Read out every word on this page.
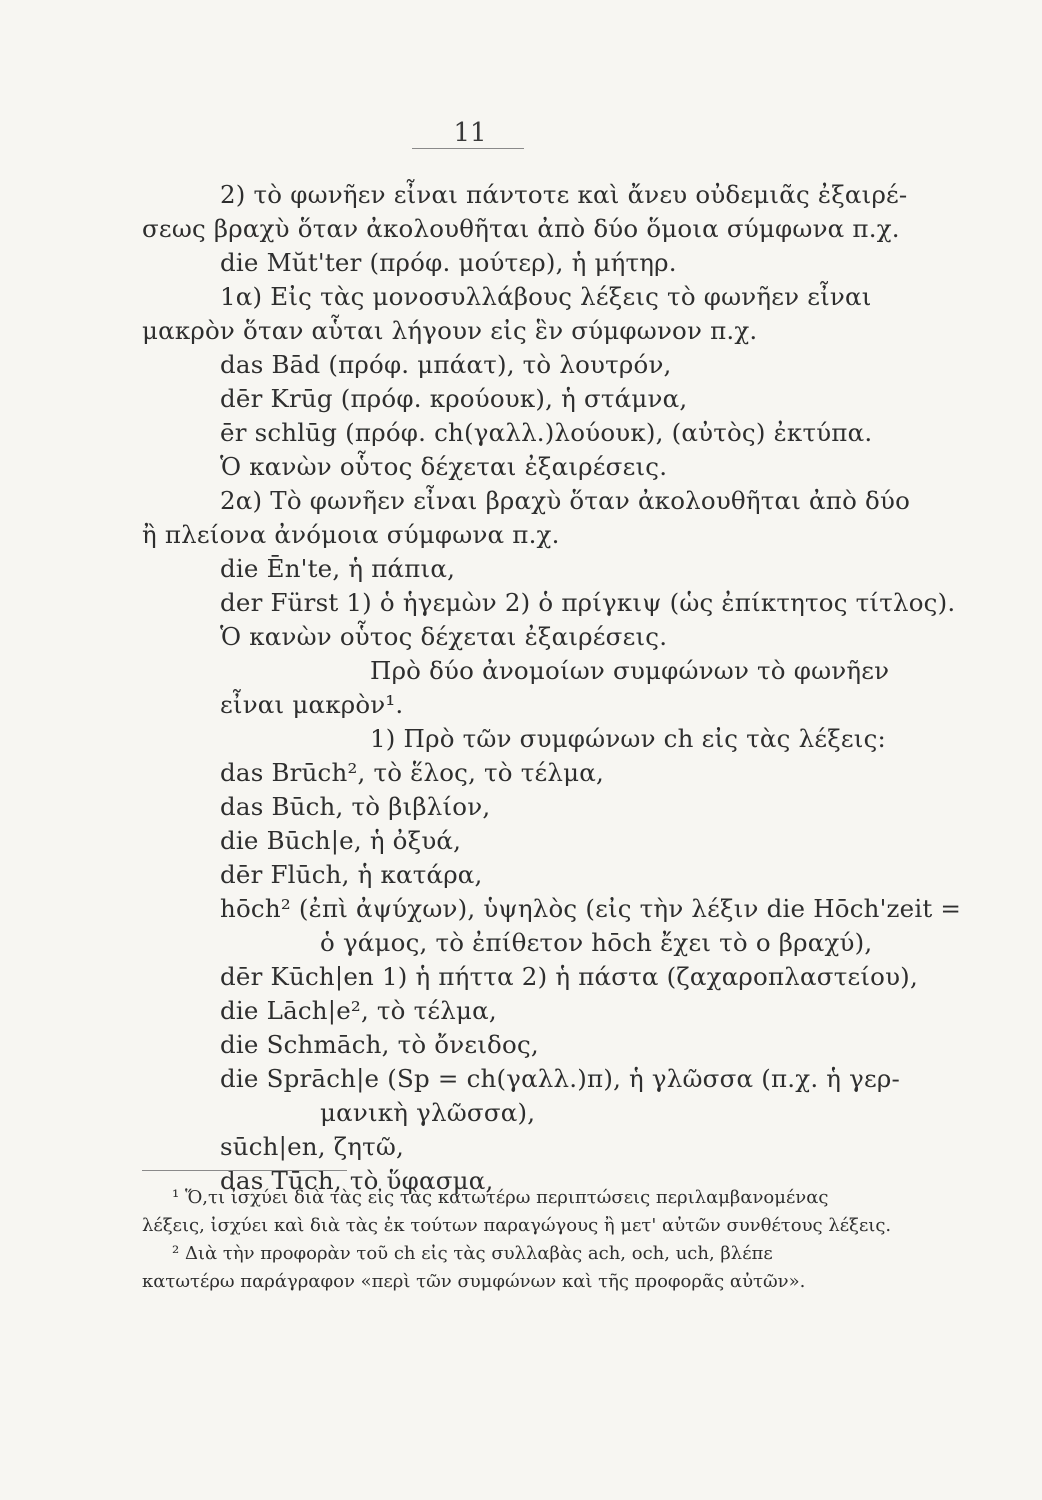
11
2) τὸ φωνῆεν εἶναι πάντοτε καὶ ἄνευ οὐδεμιᾶς ἐξαιρέ-
σεως βραχὺ ὅταν ἀκολουθῆται ἀπὸ δύο ὅμοια σύμφωνα π.χ.
die Mŭt'ter (πρόφ. μούτερ), ἡ μήτηρ.
1α) Εἰς τὰς μονοσυλλάβους λέξεις τὸ φωνῆεν εἶναι
μακρὸν ὅταν αὗται λήγουν εἰς ἓν σύμφωνον π.χ.
das Bād (πρόφ. μπάατ), τὸ λουτρόν,
dēr Krūg (πρόφ. κρούουκ), ἡ στάμνα,
ēr schlūg (πρόφ. ch(γαλλ.)λούουκ), (αὐτὸς) ἐκτύπα.
Ὁ κανὼν οὗτος δέχεται ἐξαιρέσεις.
2α) Τὸ φωνῆεν εἶναι βραχὺ ὅταν ἀκολουθῆται ἀπὸ δύο
ἢ πλείονα ἀνόμοια σύμφωνα π.χ.
die Ēn'te, ἡ πάπια,
der Fürst 1) ὁ ἡγεμὼν 2) ὁ πρίγκιψ (ὡς ἐπίκτητος τίτλος).
Ὁ κανὼν οὗτος δέχεται ἐξαιρέσεις.
Πρὸ δύο ἀνομοίων συμφώνων τὸ φωνῆεν
εἶναι μακρὸν¹.
1) Πρὸ τῶν συμφώνων ch εἰς τὰς λέξεις:
das Brūch², τὸ ἕλος, τὸ τέλμα,
das Būch, τὸ βιβλίον,
die Būch|e, ἡ ὀξυά,
dēr Flūch, ἡ κατάρα,
hōch² (ἐπὶ ἀψύχων), ὑψηλὸς (εἰς τὴν λέξιν die Hōch'zeit =
ὁ γάμος, τὸ ἐπίθετον hōch ἔχει τὸ ο βραχύ),
dēr Kūch|en 1) ἡ πήττα 2) ἡ πάστα (ζαχαροπλαστείου),
die Lāch|e², τὸ τέλμα,
die Schmāch, τὸ ὄνειδος,
die Sprāch|e (Sp = ch(γαλλ.)π), ἡ γλῶσσα (π.χ. ἡ γερ-
μανικὴ γλῶσσα),
sūch|en, ζητῶ,
das Tūch, τὸ ὕφασμα,
¹ Ὅ,τι ἰσχύει διὰ τὰς εἰς τὰς κατωτέρω περιπτώσεις περιλαμβανομένας
λέξεις, ἰσχύει καὶ διὰ τὰς ἐκ τούτων παραγώγους ἢ μετ' αὐτῶν συνθέτους λέξεις.
² Διὰ τὴν προφορὰν τοῦ ch εἰς τὰς συλλαβὰς ach, och, uch, βλέπε
κατωτέρω παράγραφον «περὶ τῶν συμφώνων καὶ τῆς προφορᾶς αὐτῶν».
